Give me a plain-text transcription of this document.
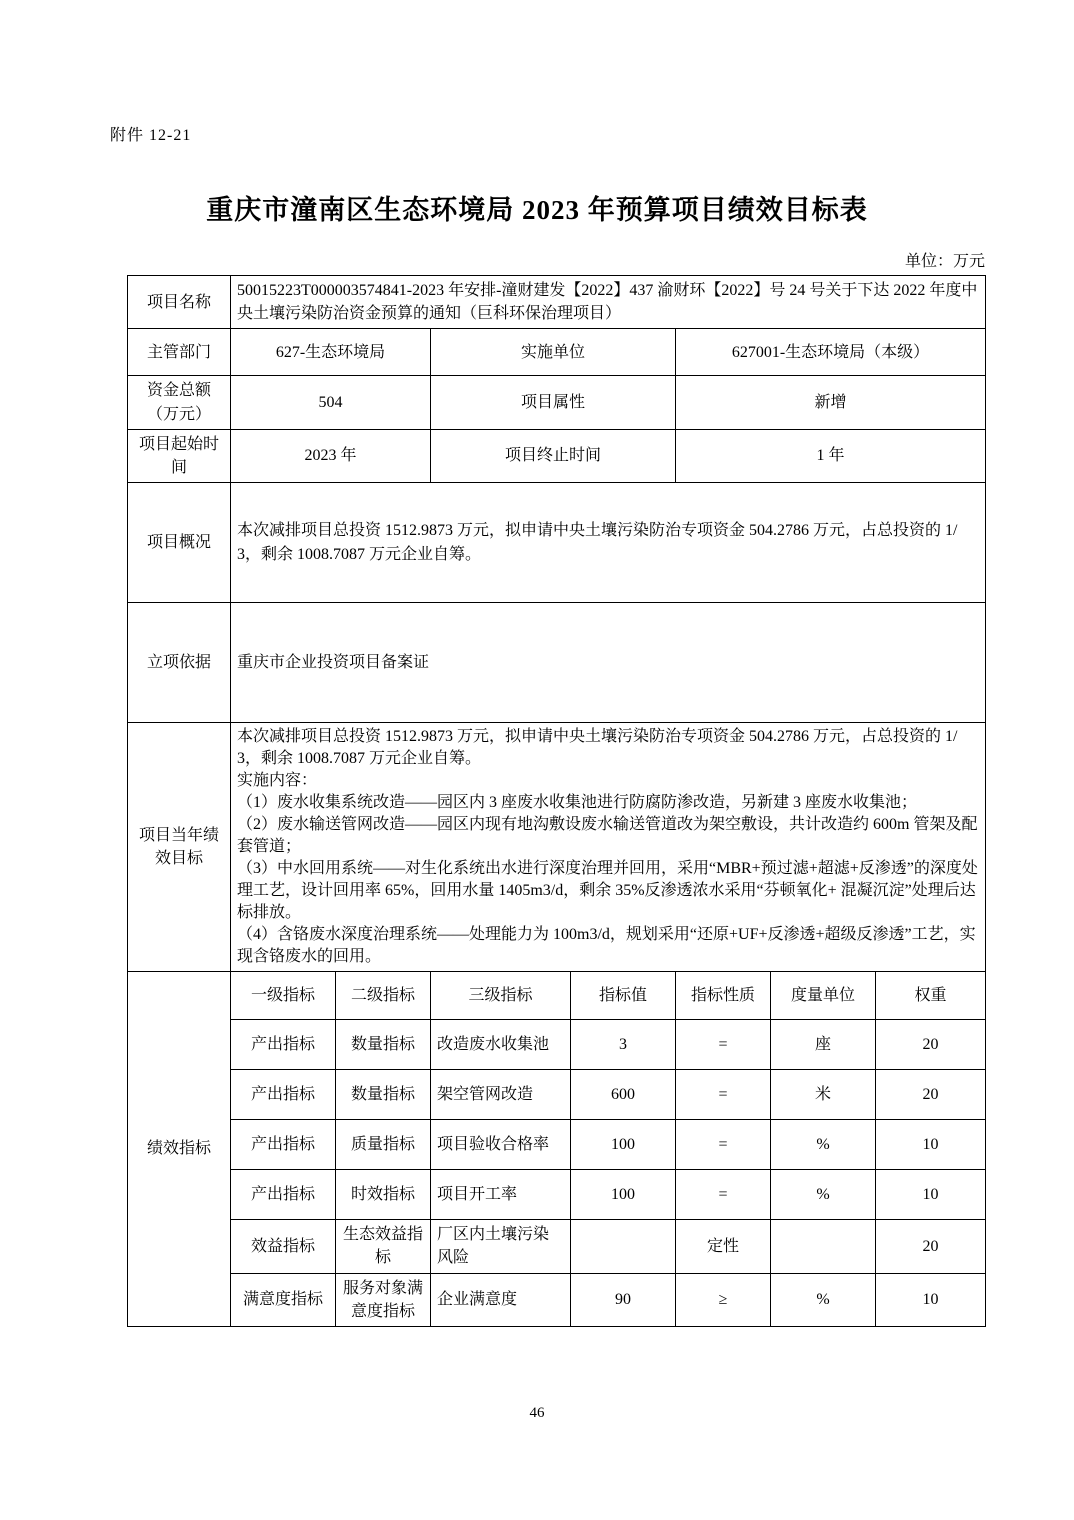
附件 12-21
重庆市潼南区生态环境局 2023 年预算项目绩效目标表
单位：万元
项目名称	50015223T000003574841-2023 年安排-潼财建发【2022】437 渝财环【2022】号 24 号关于下达 2022 年度中央土壤污染防治资金预算的通知（巨科环保治理项目）						
主管部门	627-生态环境局		实施单位		627001-生态环境局（本级）		
资金总额（万元）	504		项目属性		新增		
项目起始时间	2023 年		项目终止时间		1 年		
项目概况	本次减排项目总投资 1512.9873 万元，拟申请中央土壤污染防治专项资金 504.2786 万元，占总投资的 1/3，剩余 1008.7087 万元企业自筹。						
立项依据	重庆市企业投资项目备案证						
项目当年绩效目标	
本次减排项目总投资 1512.9873 万元，拟申请中央土壤污染防治专项资金 504.2786 万元，占总投资的 1/3，剩余 1008.7087 万元企业自筹。
实施内容：
（1）废水收集系统改造——园区内 3 座废水收集池进行防腐防渗改造，另新建 3 座废水收集池；
（2）废水输送管网改造——园区内现有地沟敷设废水输送管道改为架空敷设，共计改造约 600m 管架及配套管道；
（3）中水回用系统——对生化系统出水进行深度治理并回用，采用“MBR+预过滤+超滤+反渗透”的深度处理工艺，设计回用率 65%，回用水量 1405m3/d，剩余 35%反渗透浓水采用“芬顿氧化+ 混凝沉淀”处理后达标排放。
（4）含铬废水深度治理系统——处理能力为 100m3/d，规划采用“还原+UF+反渗透+超级反渗透”工艺，实现含铬废水的回用。

绩效指标	一级指标	二级指标	三级指标	指标值	指标性质	度量单位	权重
	产出指标	数量指标	改造废水收集池	3	=	座	20
	产出指标	数量指标	架空管网改造	600	=	米	20
	产出指标	质量指标	项目验收合格率	100	=	%	10
	产出指标	时效指标	项目开工率	100	=	%	10
	效益指标	生态效益指标	厂区内土壤污染风险		定性		20
	满意度指标	服务对象满意度指标	企业满意度	90	≥	%	10
46
